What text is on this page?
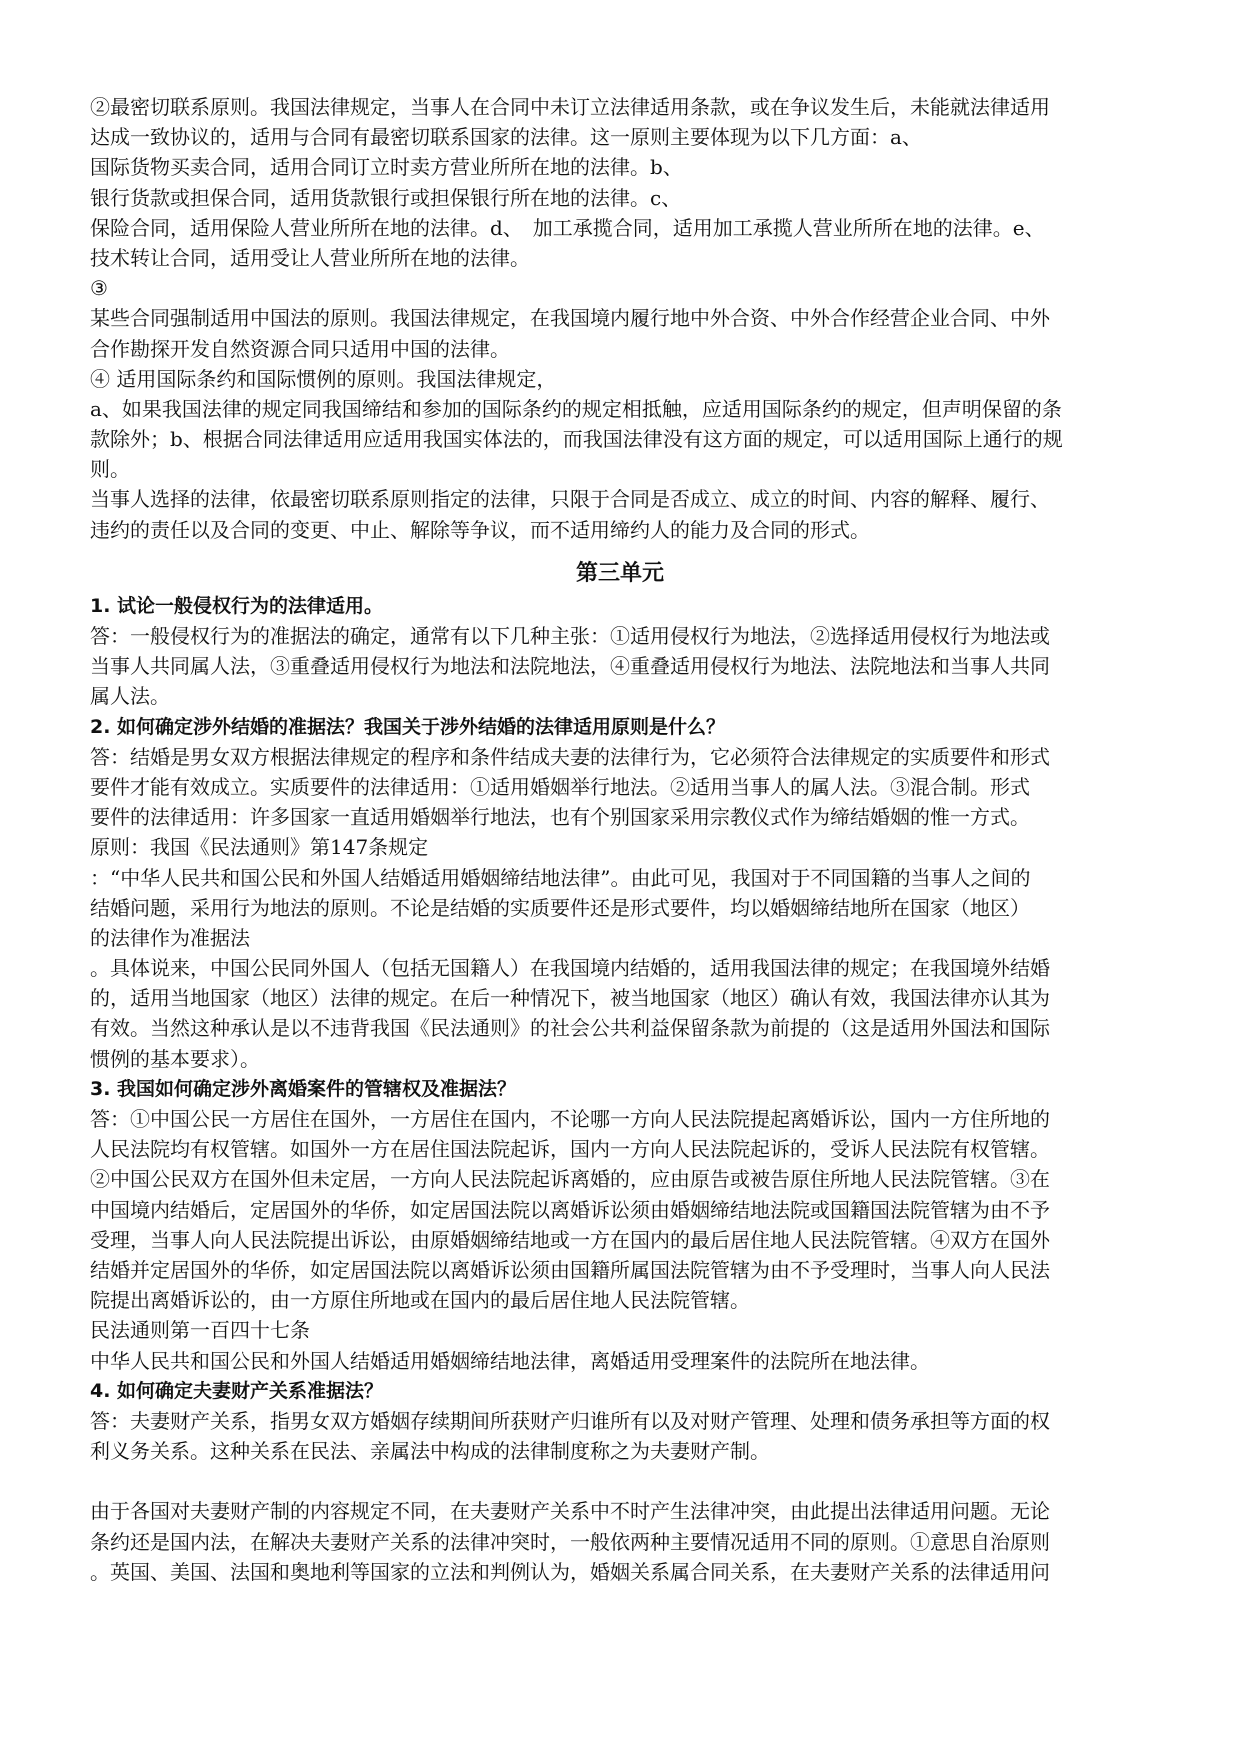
②最密切联系原则。我国法律规定，当事人在合同中未订立法律适用条款，或在争议发生后，未能就法律适用
达成一致协议的，适用与合同有最密切联系国家的法律。这一原则主要体现为以下几方面：a、
国际货物买卖合同，适用合同订立时卖方营业所所在地的法律。b、
银行货款或担保合同，适用货款银行或担保银行所在地的法律。c、
保险合同，适用保险人营业所所在地的法律。d、　加工承揽合同，适用加工承揽人营业所所在地的法律。e、
技术转让合同，适用受让人营业所所在地的法律。
③
某些合同强制适用中国法的原则。我国法律规定，在我国境内履行地中外合资、中外合作经营企业合同、中外
合作勘探开发自然资源合同只适用中国的法律。
④ 适用国际条约和国际惯例的原则。我国法律规定，
a、如果我国法律的规定同我国缔结和参加的国际条约的规定相抵触，应适用国际条约的规定，但声明保留的条
款除外；b、根据合同法律适用应适用我国实体法的，而我国法律没有这方面的规定，可以适用国际上通行的规
则。
当事人选择的法律，依最密切联系原则指定的法律，只限于合同是否成立、成立的时间、内容的解释、履行、
违约的责任以及合同的变更、中止、解除等争议，而不适用缔约人的能力及合同的形式。
第三单元
1. 试论一般侵权行为的法律适用。
答：一般侵权行为的准据法的确定，通常有以下几种主张：①适用侵权行为地法，②选择适用侵权行为地法或
当事人共同属人法，③重叠适用侵权行为地法和法院地法，④重叠适用侵权行为地法、法院地法和当事人共同
属人法。
2. 如何确定涉外结婚的准据法？我国关于涉外结婚的法律适用原则是什么？
答：结婚是男女双方根据法律规定的程序和条件结成夫妻的法律行为，它必须符合法律规定的实质要件和形式
要件才能有效成立。实质要件的法律适用：①适用婚姻举行地法。②适用当事人的属人法。③混合制。形式
要件的法律适用：许多国家一直适用婚姻举行地法，也有个别国家采用宗教仪式作为缔结婚姻的惟一方式。
原则：我国《民法通则》第147条规定
：“中华人民共和国公民和外国人结婚适用婚姻缔结地法律”。由此可见，我国对于不同国籍的当事人之间的
结婚问题，采用行为地法的原则。不论是结婚的实质要件还是形式要件，均以婚姻缔结地所在国家（地区）
的法律作为准据法
。具体说来，中国公民同外国人（包括无国籍人）在我国境内结婚的，适用我国法律的规定；在我国境外结婚
的，适用当地国家（地区）法律的规定。在后一种情况下，被当地国家（地区）确认有效，我国法律亦认其为
有效。当然这种承认是以不违背我国《民法通则》的社会公共利益保留条款为前提的（这是适用外国法和国际
惯例的基本要求）。
3. 我国如何确定涉外离婚案件的管辖权及准据法？
答：①中国公民一方居住在国外，一方居住在国内，不论哪一方向人民法院提起离婚诉讼，国内一方住所地的
人民法院均有权管辖。如国外一方在居住国法院起诉，国内一方向人民法院起诉的，受诉人民法院有权管辖。
②中国公民双方在国外但未定居，一方向人民法院起诉离婚的，应由原告或被告原住所地人民法院管辖。③在
中国境内结婚后，定居国外的华侨，如定居国法院以离婚诉讼须由婚姻缔结地法院或国籍国法院管辖为由不予
受理，当事人向人民法院提出诉讼，由原婚姻缔结地或一方在国内的最后居住地人民法院管辖。④双方在国外
结婚并定居国外的华侨，如定居国法院以离婚诉讼须由国籍所属国法院管辖为由不予受理时，当事人向人民法
院提出离婚诉讼的，由一方原住所地或在国内的最后居住地人民法院管辖。
民法通则第一百四十七条
中华人民共和国公民和外国人结婚适用婚姻缔结地法律，离婚适用受理案件的法院所在地法律。
4. 如何确定夫妻财产关系准据法？
答：夫妻财产关系，指男女双方婚姻存续期间所获财产归谁所有以及对财产管理、处理和债务承担等方面的权
利义务关系。这种关系在民法、亲属法中构成的法律制度称之为夫妻财产制。
由于各国对夫妻财产制的内容规定不同，在夫妻财产关系中不时产生法律冲突，由此提出法律适用问题。无论
条约还是国内法，在解决夫妻财产关系的法律冲突时，一般依两种主要情况适用不同的原则。①意思自治原则
。英国、美国、法国和奥地利等国家的立法和判例认为，婚姻关系属合同关系，在夫妻财产关系的法律适用问
